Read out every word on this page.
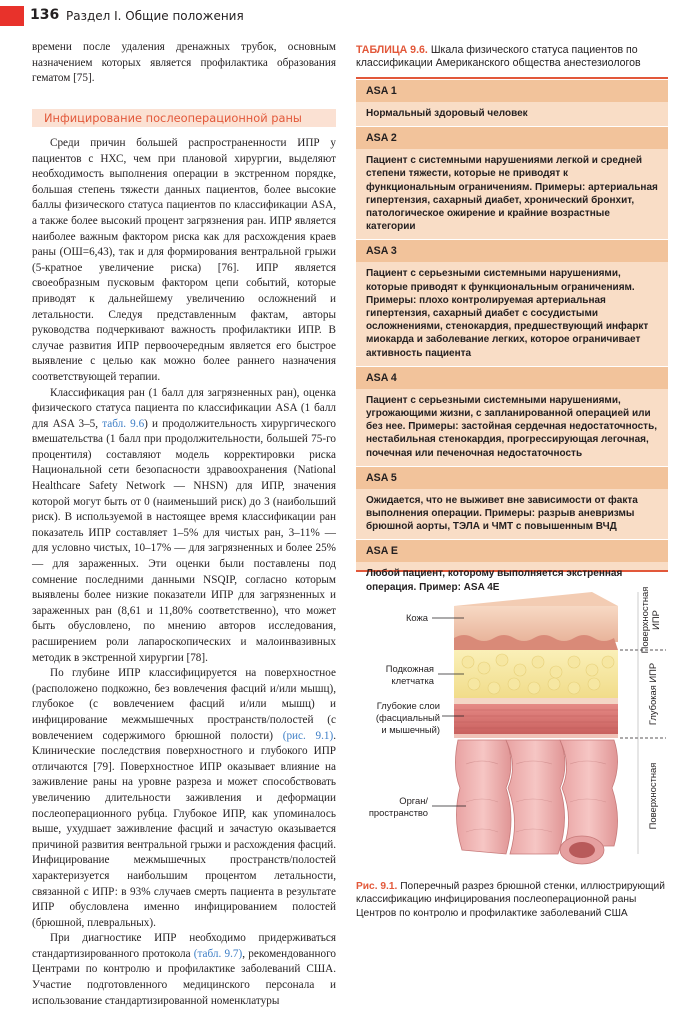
136 Раздел I. Общие положения

времени после удаления дренажных трубок, основным назначением которых является профилактика образования гематом [75].

Инфицирование послеоперационной раны

Среди причин большей распространенности ИПР у пациентов с НХС, чем при плановой хирургии, выделяют необходимость выполнения операции в экстренном порядке, большая степень тяжести данных пациентов, более высокие баллы физического статуса пациентов по классификации ASA, а также более высокий процент загрязнения ран. ИПР является наиболее важным фактором риска как для расхождения краев раны (ОШ=6,43), так и для формирования вентральной грыжи (5-кратное увеличение риска) [76]. ИПР является своеобразным пусковым фактором цепи событий, которые приводят к дальнейшему увеличению осложнений и летальности. Следуя представленным фактам, авторы руководства подчеркивают важность профилактики ИПР. В случае развития ИПР первоочередным является его быстрое выявление с целью как можно более раннего назначения соответствующей терапии.

Классификация ран (1 балл для загрязненных ран), оценка физического статуса пациента по классификации ASA (1 балл для ASA 3–5, табл. 9.6) и продолжительность хирургического вмешательства (1 балл при продолжительности, большей 75-го процентиля) составляют модель корректировки риска Национальной сети безопасности здравоохранения (National Healthcare Safety Network — NHSN) для ИПР, значения которой могут быть от 0 (наименьший риск) до 3 (наибольший риск). В используемой в настоящее время классификации ран показатель ИПР составляет 1–5% для чистых ран, 3–11% — для условно чистых, 10–17% — для загрязненных и более 25% — для зараженных. Эти оценки были поставлены под сомнение последними данными NSQIP, согласно которым выявлены более низкие показатели ИПР для загрязненных и зараженных ран (8,61 и 11,80% соответственно), что может быть обусловлено, по мнению авторов исследования, расширением роли лапароскопических и малоинвазивных методик в экстренной хирургии [78].

По глубине ИПР классифицируется на поверхностное (расположено подкожно, без вовлечения фасций и/или мышц), глубокое (с вовлечением фасций и/или мышц) и инфицирование межмышечных пространств/полостей (с вовлечением содержимого брюшной полости) (рис. 9.1). Клинические последствия поверхностного и глубокого ИПР отличаются [79]. Поверхностное ИПР оказывает влияние на заживление раны на уровне разреза и может способствовать увеличению длительности заживления и деформации послеоперационного рубца. Глубокое ИПР, как упоминалось выше, ухудшает заживление фасций и зачастую оказывается причиной развития вентральной грыжи и расхождения фасций. Инфицирование межмышечных пространств/полостей характеризуется наибольшим процентом летальности, связанной с ИПР: в 93% случаев смерть пациента в результате ИПР обусловлена именно инфицированием полостей (брюшной, плевральных).

При диагностике ИПР необходимо придерживаться стандартизированного протокола (табл. 9.7), рекомендованного Центрами по контролю и профилактике заболеваний США. Участие подготовленного медицинского персонала и использование стандартизированной номенклатуры

ТАБЛИЦА 9.6. Шкала физического статуса пациентов по классификации Американского общества анестезиологов
ASA 1
Нормальный здоровый человек
ASA 2
Пациент с системными нарушениями легкой и средней степени тяжести, которые не приводят к функциональным ограничениям. Примеры: артериальная гипертензия, сахарный диабет, хронический бронхит, патологическое ожирение и крайние возрастные категории
ASA 3
Пациент с серьезными системными нарушениями, которые приводят к функциональным ограничениям. Примеры: плохо контролируемая артериальная гипертензия, сахарный диабет с сосудистыми осложнениями, стенокардия, предшествующий инфаркт миокарда и заболевание легких, которое ограничивает активность пациента
ASA 4
Пациент с серьезными системными нарушениями, угрожающими жизни, с запланированной операцией или без нее. Примеры: застойная сердечная недостаточность, нестабильная стенокардия, прогрессирующая легочная, почечная или печеночная недостаточность
ASA 5
Ожидается, что не выживет вне зависимости от факта выполнения операции. Примеры: разрыв аневризмы брюшной аорты, ТЭЛА и ЧМТ с повышенным ВЧД
ASA E
Любой пациент, которому выполняется экстренная операция. Пример: ASA 4E
Кожа
Подкожная
клетчатка
Глубокие слои
(фасциальный
и мышечный)
Орган/
пространство
Поверхностная ИПР
Глубокая ИПР
Поверхностная
Рис. 9.1. Поперечный разрез брюшной стенки, иллюстрирующий классификацию инфицирования послеоперационной раны Центров по контролю и профилактике заболеваний США
